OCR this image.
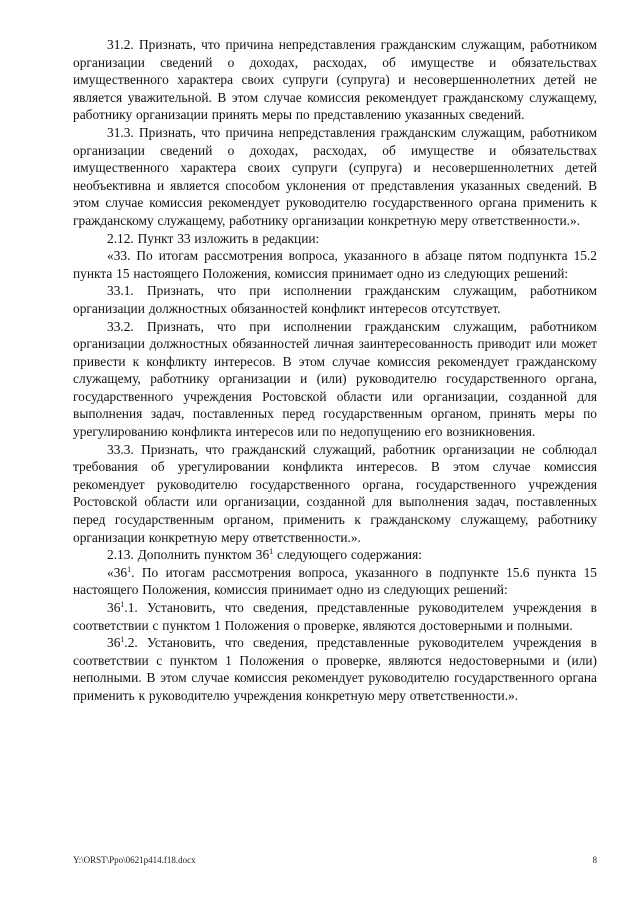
31.2. Признать, что причина непредставления гражданским служащим, работником организации сведений о доходах, расходах, об имуществе и обязательствах имущественного характера своих супруги (супруга) и несовершеннолетних детей не является уважительной. В этом случае комиссия рекомендует гражданскому служащему, работнику организации принять меры по представлению указанных сведений.

31.3. Признать, что причина непредставления гражданским служащим, работником организации сведений о доходах, расходах, об имуществе и обязательствах имущественного характера своих супруги (супруга) и несовершеннолетних детей необъективна и является способом уклонения от представления указанных сведений. В этом случае комиссия рекомендует руководителю государственного органа применить к гражданскому служащему, работнику организации конкретную меру ответственности.».

2.12. Пункт 33 изложить в редакции:

«33. По итогам рассмотрения вопроса, указанного в абзаце пятом подпункта 15.2 пункта 15 настоящего Положения, комиссия принимает одно из следующих решений:

33.1. Признать, что при исполнении гражданским служащим, работником организации должностных обязанностей конфликт интересов отсутствует.

33.2. Признать, что при исполнении гражданским служащим, работником организации должностных обязанностей личная заинтересованность приводит или может привести к конфликту интересов. В этом случае комиссия рекомендует гражданскому служащему, работнику организации и (или) руководителю государственного органа, государственного учреждения Ростовской области или организации, созданной для выполнения задач, поставленных перед государственным органом, принять меры по урегулированию конфликта интересов или по недопущению его возникновения.

33.3. Признать, что гражданский служащий, работник организации не соблюдал требования об урегулировании конфликта интересов. В этом случае комиссия рекомендует руководителю государственного органа, государственного учреждения Ростовской области или организации, созданной для выполнения задач, поставленных перед государственным органом, применить к гражданскому служащему, работнику организации конкретную меру ответственности.».

2.13. Дополнить пунктом $36^1$ следующего содержания:

«$36^1$. По итогам рассмотрения вопроса, указанного в подпункте 15.6 пункта 15 настоящего Положения, комиссия принимает одно из следующих решений:

$36^1.1$. Установить, что сведения, представленные руководителем учреждения в соответствии с пунктом 1 Положения о проверке, являются достоверными и полными.

$36^1.2$. Установить, что сведения, представленные руководителем учреждения в соответствии с пунктом 1 Положения о проверке, являются недостоверными и (или) неполными. В этом случае комиссия рекомендует руководителю государственного органа применить к руководителю учреждения конкретную меру ответственности.».

Y:\ORST\Ppo\0621p414.f18.docx	8
